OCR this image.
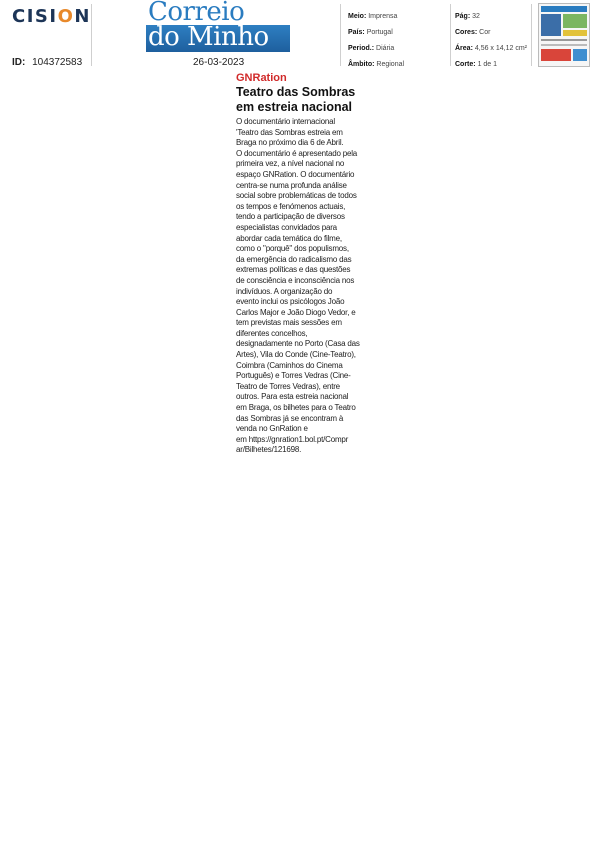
CISION
ID: 104372583
Correio
do Minho
26-03-2023
Meio: Imprensa
País: Portugal
Period.: Diária
Âmbito: Regional
Pág: 32
Cores: Cor
Área: 4,56 x 14,12 cm²
Corte: 1 de 1
GNRation
Teatro das Sombras em estreia nacional

O documentário internacional
'Teatro das Sombras estreia em
Braga no próximo dia 6 de Abril.
O documentário é apresentado pela
primeira vez, a nível nacional no
espaço GNRation. O documentário
centra-se numa profunda análise
social sobre problemáticas de todos
os tempos e fenómenos actuais,
tendo a participação de diversos
especialistas convidados para
abordar cada temática do filme,
como o "porquê" dos populismos,
da emergência do radicalismo das
extremas políticas e das questões
de consciência e inconsciência nos
indivíduos. A organização do
evento inclui os psicólogos João
Carlos Major e João Diogo Vedor, e
tem previstas mais sessões em
diferentes concelhos,
designadamente no Porto (Casa das
Artes), Vila do Conde (Cine-Teatro),
Coimbra (Caminhos do Cinema
Português) e Torres Vedras (Cine-
Teatro de Torres Vedras), entre
outros. Para esta estreia nacional
em Braga, os bilhetes para o Teatro
das Sombras já se encontram à
venda no GnRation e
em https://gnration1.bol.pt/Compr
ar/Bilhetes/121698.
